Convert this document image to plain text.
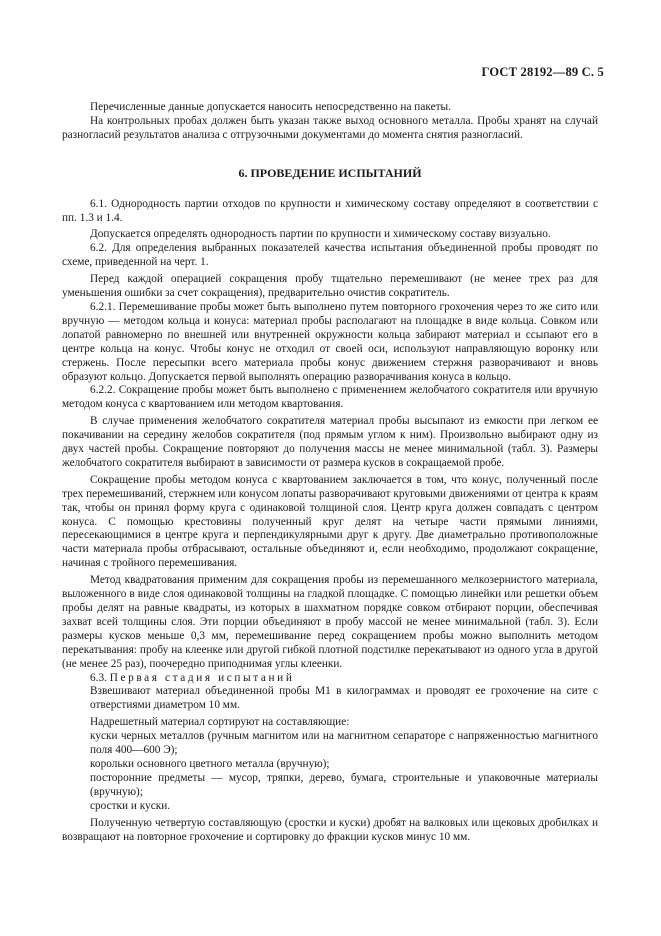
ГОСТ 28192—89 С. 5

Перечисленные данные допускается наносить непосредственно на пакеты.

На контрольных пробах должен быть указан также выход основного металла. Пробы хранят на случай разногласий результатов анализа с отгрузочными документами до момента снятия разногласий.

6. ПРОВЕДЕНИЕ ИСПЫТАНИЙ

6.1. Однородность партии отходов по крупности и химическому составу определяют в соответствии с пп. 1.3 и 1.4.

Допускается определять однородность партии по крупности и химическому составу визуально.

6.2. Для определения выбранных показателей качества испытания объединенной пробы проводят по схеме, приведенной на черт. 1.

Перед каждой операцией сокращения пробу тщательно перемешивают (не менее трех раз для уменьшения ошибки за счет сокращения), предварительно очистив сократитель.

6.2.1. Перемешивание пробы может быть выполнено путем повторного грохочения через то же сито или вручную — методом кольца и конуса: материал пробы располагают на площадке в виде кольца. Совком или лопатой равномерно по внешней или внутренней окружности кольца забирают материал и ссыпают его в центре кольца на конус. Чтобы конус не отходил от своей оси, используют направляющую воронку или стержень. После пересыпки всего материала пробы конус движением стержня разворачивают и вновь образуют кольцо. Допускается первой выполнять операцию разворачивания конуса в кольцо.

6.2.2. Сокращение пробы может быть выполнено с применением желобчатого сократителя или вручную методом конуса с квартованием или методом квартования.

В случае применения желобчатого сократителя материал пробы высыпают из емкости при легком ее покачивании на середину желобов сократителя (под прямым углом к ним). Произвольно выбирают одну из двух частей пробы. Сокращение повторяют до получения массы не менее минимальной (табл. 3). Размеры желобчатого сократителя выбирают в зависимости от размера кусков в сокращаемой пробе.

Сокращение пробы методом конуса с квартованием заключается в том, что конус, полученный после трех перемешиваний, стержнем или конусом лопаты разворачивают круговыми движениями от центра к краям так, чтобы он принял форму круга с одинаковой толщиной слоя. Центр круга должен совпадать с центром конуса. С помощью крестовины полученный круг делят на четыре части прямыми линиями, пересекающимися в центре круга и перпендикулярными друг к другу. Две диаметрально противоположные части материала пробы отбрасывают, остальные объединяют и, если необходимо, продолжают сокращение, начиная с тройного перемешивания.

Метод квадратования применим для сокращения пробы из перемешанного мелкозернистого материала, выложенного в виде слоя одинаковой толщины на гладкой площадке. С помощью линейки или решетки объем пробы делят на равные квадраты, из которых в шахматном порядке совком отбирают порции, обеспечивая захват всей толщины слоя. Эти порции объединяют в пробу массой не менее минимальной (табл. 3). Если размеры кусков меньше 0,3 мм, перемешивание перед сокращением пробы можно выполнить методом перекатывания: пробу на клеенке или другой гибкой плотной подстилке перекатывают из одного угла в другой (не менее 25 раз), поочередно приподнимая углы клеенки.

6.3. Первая стадия испытаний

Взвешивают материал объединенной пробы М1 в килограммах и проводят ее грохочение на сите с отверстиями диаметром 10 мм.

Надрешетный материал сортируют на составляющие:

куски черных металлов (ручным магнитом или на магнитном сепараторе с напряженностью магнитного поля 400—600 Э);

корольки основного цветного металла (вручную);

посторонние предметы — мусор, тряпки, дерево, бумага, строительные и упаковочные материалы (вручную);

сростки и куски.

Полученную четвертую составляющую (сростки и куски) дробят на валковых или щековых дробилках и возвращают на повторное грохочение и сортировку до фракции кусков минус 10 мм.
